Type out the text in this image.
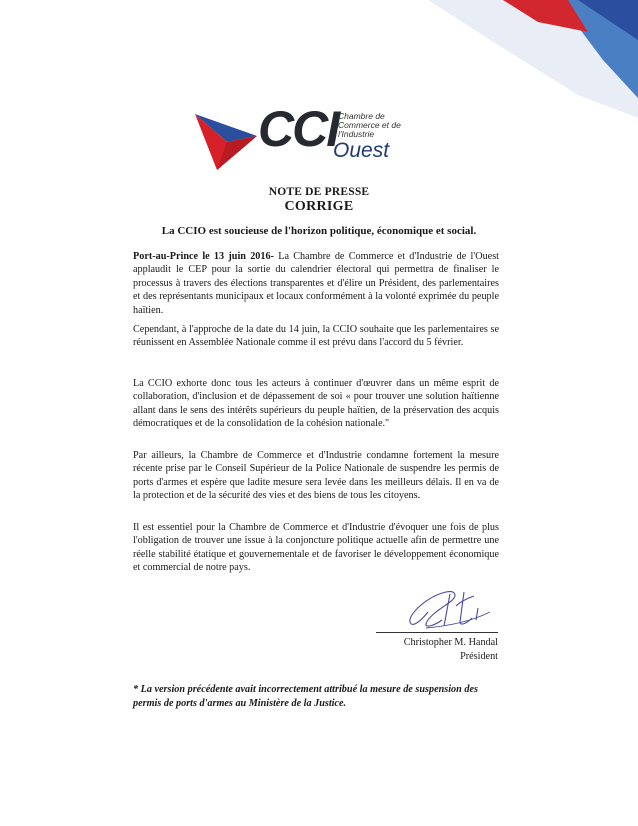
CCI Chambre de
Commerce et de
l'Industrie
Ouest
NOTE DE PRESSE
CORRIGE
La CCIO est soucieuse de l'horizon politique, économique et social.

Port-au-Prince le 13 juin 2016- La Chambre de Commerce et d'Industrie de l'Ouest applaudit le CEP pour la sortie du calendrier électoral qui permettra de finaliser le processus à travers des élections transparentes et d'élire un Président, des parlementaires et des représentants municipaux et locaux conformément à la volonté exprimée du peuple haïtien.

Cependant, à l'approche de la date du 14 juin, la CCIO souhaite que les parlementaires se réunissent en Assemblée Nationale comme il est prévu dans l'accord du 5 février.

La CCIO exhorte donc tous les acteurs à continuer d'œuvrer dans un même esprit de collaboration, d'inclusion et de dépassement de soi « pour trouver une solution haïtienne allant dans le sens des intérêts supérieurs du peuple haïtien, de la préservation des acquis démocratiques et de la consolidation de la cohésion nationale."

Par ailleurs, la Chambre de Commerce et d'Industrie condamne fortement la mesure récente prise par le Conseil Supérieur de la Police Nationale de suspendre les permis de ports d'armes et espère que ladite mesure sera levée dans les meilleurs délais. Il en va de la protection et de la sécurité des vies et des biens de tous les citoyens.

Il est essentiel pour la Chambre de Commerce et d'Industrie d'évoquer une fois de plus l'obligation de trouver une issue à la conjoncture politique actuelle afin de permettre une réelle stabilité étatique et gouvernementale et de favoriser le développement économique et commercial de notre pays.

Christopher M. Handal
Président

* La version précédente avait incorrectement attribué la mesure de suspension des permis de ports d'armes au Ministère de la Justice.
